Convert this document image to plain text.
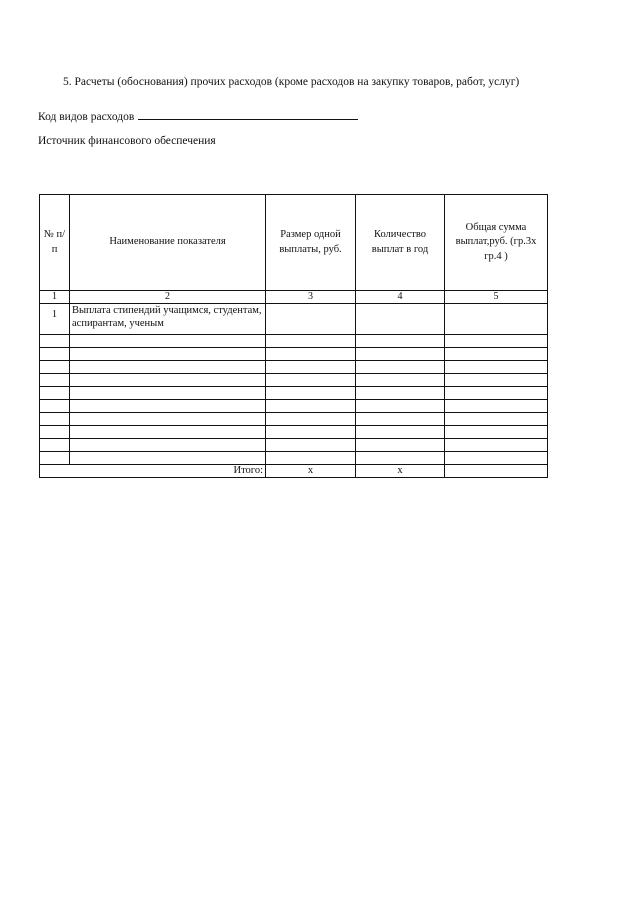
5. Расчеты (обоснования) прочих расходов (кроме расходов на закупку товаров, работ, услуг)
Код видов расходов
Источник финансового обеспечения
№ п/п	Наименование показателя	Размер одной выплаты, руб.	Количество выплат в год	Общая сумма выплат,руб. (гр.3х гр.4 )
1	2	3	4	5
1	Выплата стипендий учащимся, студентам, аспирантам, ученым			

Итого:		x	x	
